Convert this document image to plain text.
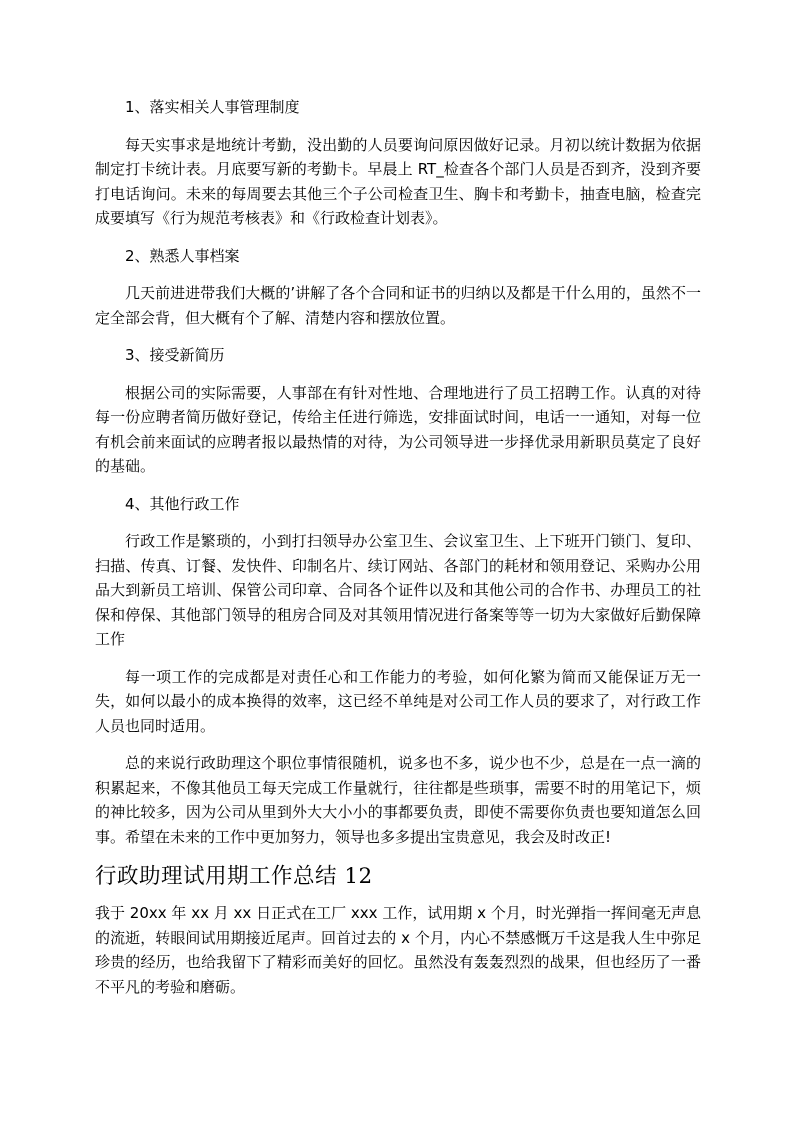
1、落实相关人事管理制度

每天实事求是地统计考勤，没出勤的人员要询问原因做好记录。月初以统计数据为依据制定打卡统计表。月底要写新的考勤卡。早晨上 RT_检查各个部门人员是否到齐，没到齐要打电话询问。未来的每周要去其他三个子公司检查卫生、胸卡和考勤卡，抽查电脑，检查完成要填写《行为规范考核表》和《行政检查计划表》。

2、熟悉人事档案

几天前进进带我们大概的’讲解了各个合同和证书的归纳以及都是干什么用的，虽然不一定全部会背，但大概有个了解、清楚内容和摆放位置。

3、接受新简历

根据公司的实际需要，人事部在有针对性地、合理地进行了员工招聘工作。认真的对待每一份应聘者简历做好登记，传给主任进行筛选，安排面试时间，电话一一通知，对每一位有机会前来面试的应聘者报以最热情的对待，为公司领导进一步择优录用新职员莫定了良好的基础。

4、其他行政工作

行政工作是繁琐的，小到打扫领导办公室卫生、会议室卫生、上下班开门锁门、复印、扫描、传真、订餐、发快件、印制名片、续订网站、各部门的耗材和领用登记、采购办公用品大到新员工培训、保管公司印章、合同各个证件以及和其他公司的合作书、办理员工的社保和停保、其他部门领导的租房合同及对其领用情况进行备案等等一切为大家做好后勤保障工作

每一项工作的完成都是对责任心和工作能力的考验，如何化繁为简而又能保证万无一失，如何以最小的成本换得的效率，这已经不单纯是对公司工作人员的要求了，对行政工作人员也同时适用。

总的来说行政助理这个职位事情很随机，说多也不多，说少也不少，总是在一点一滴的积累起来，不像其他员工每天完成工作量就行，往往都是些琐事，需要不时的用笔记下，烦的神比较多，因为公司从里到外大大小小的事都要负责，即使不需要你负责也要知道怎么回事。希望在未来的工作中更加努力，领导也多多提出宝贵意见，我会及时改正!

行政助理试用期工作总结 12

我于 20xx 年 xx 月 xx 日正式在工厂 xxx 工作，试用期 x 个月，时光弹指一挥间毫无声息的流逝，转眼间试用期接近尾声。回首过去的 x 个月，内心不禁感慨万千这是我人生中弥足珍贵的经历，也给我留下了精彩而美好的回忆。虽然没有轰轰烈烈的战果，但也经历了一番不平凡的考验和磨砺。
